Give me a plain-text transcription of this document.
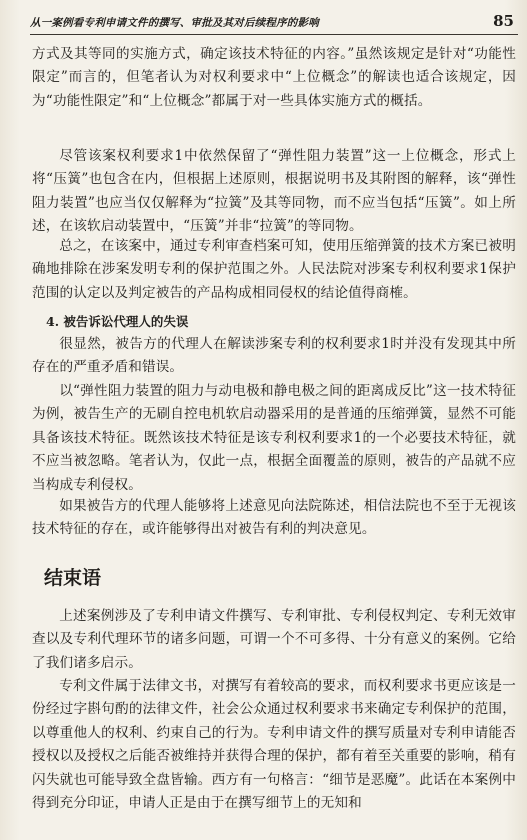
从一案例看专利申请文件的撰写、审批及其对后续程序的影响	85

方式及其等同的实施方式，确定该技术特征的内容。”虽然该规定是针对“功能性限定”而言的，但笔者认为对权利要求中“上位概念”的解读也适合该规定，因为“功能性限定”和“上位概念”都属于对一些具体实施方式的概括。

尽管该案权利要求1中依然保留了“弹性阻力装置”这一上位概念，形式上将“压簧”也包含在内，但根据上述原则，根据说明书及其附图的解释，该“弹性阻力装置”也应当仅仅解释为“拉簧”及其等同物，而不应当包括“压簧”。如上所述，在该软启动装置中，“压簧”并非“拉簧”的等同物。

总之，在该案中，通过专利审查档案可知，使用压缩弹簧的技术方案已被明确地排除在涉案发明专利的保护范围之外。人民法院对涉案专利权利要求1保护范围的认定以及判定被告的产品构成相同侵权的结论值得商榷。

4. 被告诉讼代理人的失误

很显然，被告方的代理人在解读涉案专利的权利要求1时并没有发现其中所存在的严重矛盾和错误。

以“弹性阻力装置的阻力与动电极和静电极之间的距离成反比”这一技术特征为例，被告生产的无刷自控电机软启动器采用的是普通的压缩弹簧，显然不可能具备该技术特征。既然该技术特征是该专利权利要求1的一个必要技术特征，就不应当被忽略。笔者认为，仅此一点，根据全面覆盖的原则，被告的产品就不应当构成专利侵权。

如果被告方的代理人能够将上述意见向法院陈述，相信法院也不至于无视该技术特征的存在，或许能够得出对被告有利的判决意见。

结束语

上述案例涉及了专利申请文件撰写、专利审批、专利侵权判定、专利无效审查以及专利代理环节的诸多问题，可谓一个不可多得、十分有意义的案例。它给了我们诸多启示。

专利文件属于法律文书，对撰写有着较高的要求，而权利要求书更应该是一份经过字斟句酌的法律文件，社会公众通过权利要求书来确定专利保护的范围，以尊重他人的权利、约束自己的行为。专利申请文件的撰写质量对专利申请能否授权以及授权之后能否被维持并获得合理的保护，都有着至关重要的影响，稍有闪失就也可能导致全盘皆输。西方有一句格言：“细节是恶魔”。此话在本案例中得到充分印证，申请人正是由于在撰写细节上的无知和
